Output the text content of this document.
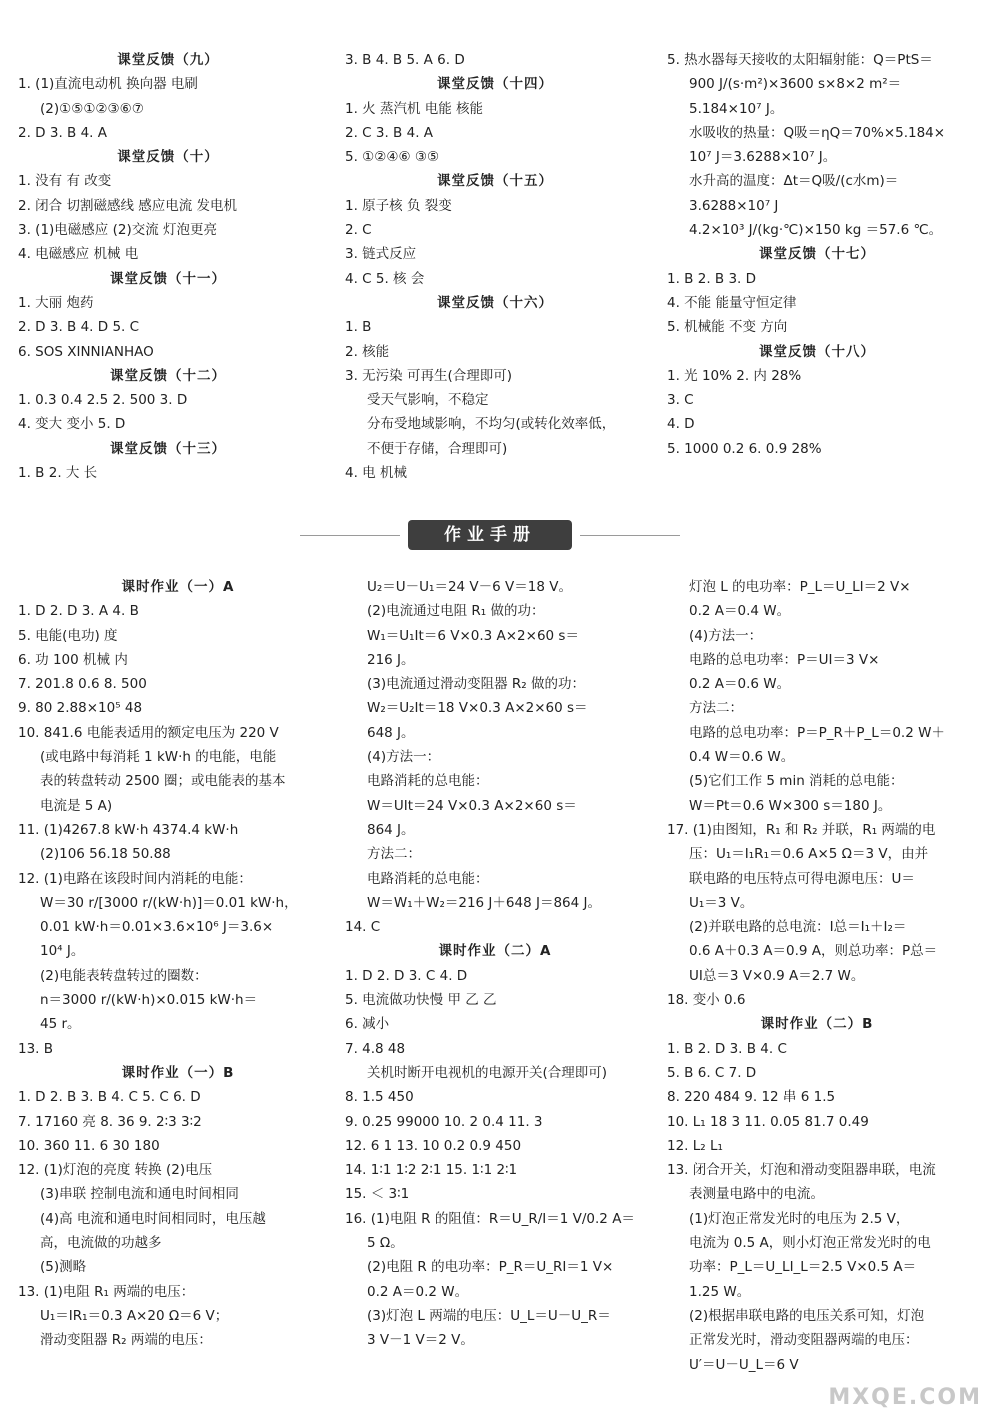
课堂反馈（九）
1. (1)直流电动机 换向器 电刷
(2)①⑤①②③⑥⑦
2. D 3. B 4. A
课堂反馈（十）
1. 没有 有 改变
2. 闭合 切割磁感线 感应电流 发电机
3. (1)电磁感应 (2)交流 灯泡更亮
4. 电磁感应 机械 电
课堂反馈（十一）
1. 大丽 炮药
2. D 3. B 4. D 5. C
6. SOS XINNIANHAO
课堂反馈（十二）
1. 0.3 0.4 2.5 2. 500 3. D
4. 变大 变小 5. D
课堂反馈（十三）
1. B 2. 大 长
3. B 4. B 5. A 6. D
课堂反馈（十四）
1. 火 蒸汽机 电能 核能
2. C 3. B 4. A
5. ①②④⑥ ③⑤
课堂反馈（十五）
1. 原子核 负 裂变
2. C
3. 链式反应
4. C 5. 核 会
课堂反馈（十六）
1. B
2. 核能
3. 无污染 可再生(合理即可)
受天气影响，不稳定
分布受地域影响，不均匀(或转化效率低，
不便于存储，合理即可)
4. 电 机械
5. 热水器每天接收的太阳辐射能：Q＝PtS＝
900 J/(s·m²)×3600 s×8×2 m²＝
5.184×10⁷ J。
水吸收的热量：Q吸＝ηQ＝70%×5.184×
10⁷ J＝3.6288×10⁷ J。
水升高的温度：Δt＝Q吸/(c水m)＝
3.6288×10⁷ J
4.2×10³ J/(kg·℃)×150 kg ＝57.6 ℃。
课堂反馈（十七）
1. B 2. B 3. D
4. 不能 能量守恒定律
5. 机械能 不变 方向
课堂反馈（十八）
1. 光 10% 2. 内 28%
3. C
4. D
5. 1000 0.2 6. 0.9 28%
作业手册
课时作业（一）A
1. D 2. D 3. A 4. B
5. 电能(电功) 度
6. 功 100 机械 内
7. 201.8 0.6 8. 500
9. 80 2.88×10⁵ 48
10. 841.6 电能表适用的额定电压为 220 V
(或电路中每消耗 1 kW·h 的电能，电能
表的转盘转动 2500 圈；或电能表的基本
电流是 5 A)
11. (1)4267.8 kW·h 4374.4 kW·h
(2)106 56.18 50.88
12. (1)电路在该段时间内消耗的电能：
W＝30 r/[3000 r/(kW·h)]＝0.01 kW·h，
0.01 kW·h＝0.01×3.6×10⁶ J＝3.6×
10⁴ J。
(2)电能表转盘转过的圈数：
n＝3000 r/(kW·h)×0.015 kW·h＝
45 r。
13. B
课时作业（一）B
1. D 2. B 3. B 4. C 5. C 6. D
7. 17160 亮 8. 36 9. 2∶3 3∶2
10. 360 11. 6 30 180
12. (1)灯泡的亮度 转换 (2)电压
(3)串联 控制电流和通电时间相同
(4)高 电流和通电时间相同时，电压越
高，电流做的功越多
(5)测略
13. (1)电阻 R₁ 两端的电压：
U₁＝IR₁＝0.3 A×20 Ω＝6 V；
滑动变阻器 R₂ 两端的电压：
U₂＝U－U₁＝24 V－6 V＝18 V。
(2)电流通过电阻 R₁ 做的功：
W₁＝U₁It＝6 V×0.3 A×2×60 s＝
216 J。
(3)电流通过滑动变阻器 R₂ 做的功：
W₂＝U₂It＝18 V×0.3 A×2×60 s＝
648 J。
(4)方法一：
电路消耗的总电能：
W＝UIt＝24 V×0.3 A×2×60 s＝
864 J。
方法二：
电路消耗的总电能：
W＝W₁＋W₂＝216 J＋648 J＝864 J。
14. C
课时作业（二）A
1. D 2. D 3. C 4. D
5. 电流做功快慢 甲 乙 乙
6. 减小
7. 4.8 48
关机时断开电视机的电源开关(合理即可)
8. 1.5 450
9. 0.25 99000 10. 2 0.4 11. 3
12. 6 1 13. 10 0.2 0.9 450
14. 1∶1 1∶2 2∶1 15. 1∶1 2∶1
15. ＜ 3∶1
16. (1)电阻 R 的阻值：R＝U_R/I＝1 V/0.2 A＝
5 Ω。
(2)电阻 R 的电功率：P_R＝U_RI＝1 V×
0.2 A＝0.2 W。
(3)灯泡 L 两端的电压：U_L＝U－U_R＝
3 V－1 V＝2 V。
灯泡 L 的电功率：P_L＝U_LI＝2 V×
0.2 A＝0.4 W。
(4)方法一：
电路的总电功率：P＝UI＝3 V×
0.2 A＝0.6 W。
方法二：
电路的总电功率：P＝P_R＋P_L＝0.2 W＋
0.4 W＝0.6 W。
(5)它们工作 5 min 消耗的总电能：
W＝Pt＝0.6 W×300 s＝180 J。
17. (1)由图知，R₁ 和 R₂ 并联，R₁ 两端的电
压：U₁＝I₁R₁＝0.6 A×5 Ω＝3 V，由并
联电路的电压特点可得电源电压：U＝
U₁＝3 V。
(2)并联电路的总电流：I总＝I₁＋I₂＝
0.6 A＋0.3 A＝0.9 A，则总功率：P总＝
UI总＝3 V×0.9 A＝2.7 W。
18. 变小 0.6
课时作业（二）B
1. B 2. D 3. B 4. C
5. B 6. C 7. D
8. 220 484 9. 12 串 6 1.5
10. L₁ 18 3 11. 0.05 81.7 0.49
12. L₂ L₁
13. 闭合开关，灯泡和滑动变阻器串联，电流
表测量电路中的电流。
(1)灯泡正常发光时的电压为 2.5 V，
电流为 0.5 A，则小灯泡正常发光时的电
功率：P_L＝U_LI_L＝2.5 V×0.5 A＝
1.25 W。
(2)根据串联电路的电压关系可知，灯泡
正常发光时，滑动变阻器两端的电压：
U′＝U－U_L＝6 V
MXQE.COM
